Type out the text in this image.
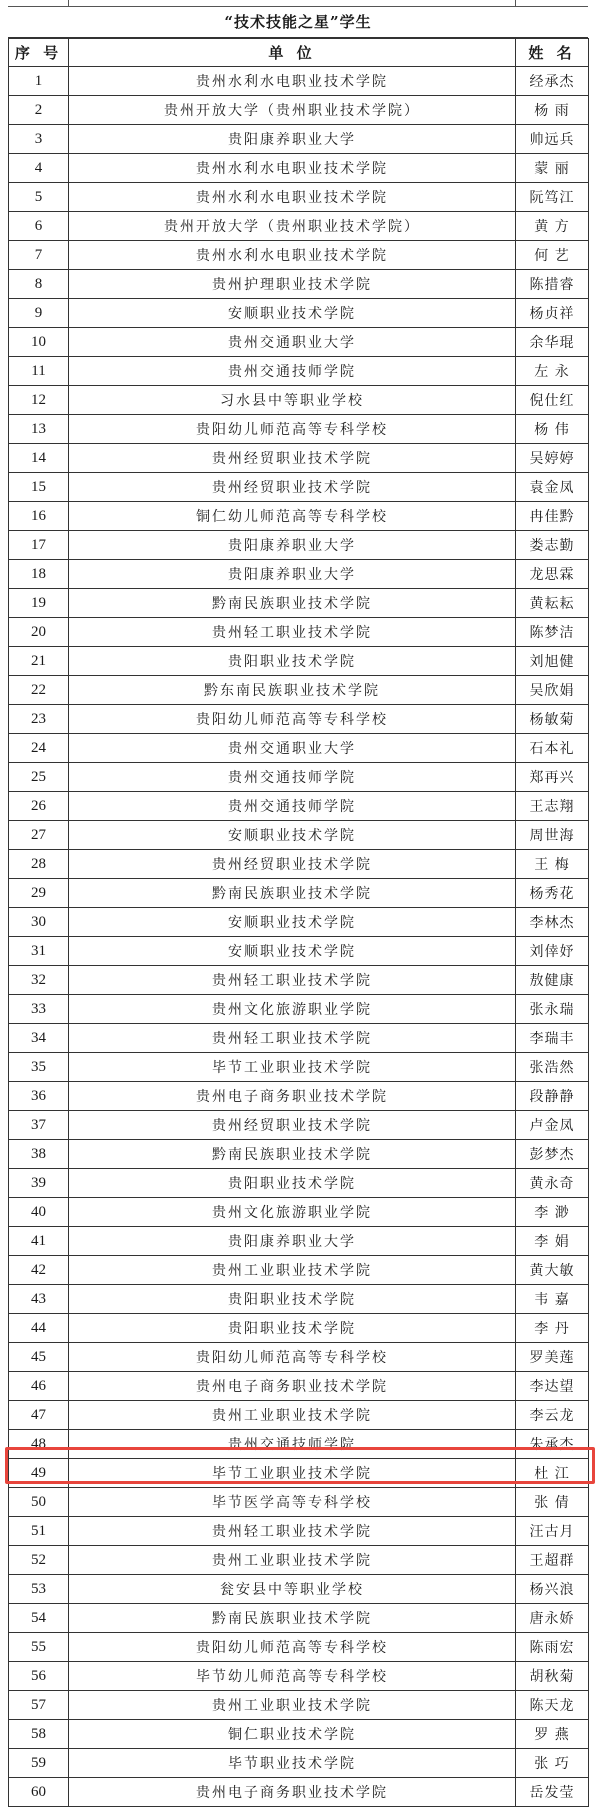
“技术技能之星”学生
序 号	单 位	姓 名
1	贵州水利水电职业技术学院	经承杰
2	贵州开放大学（贵州职业技术学院）	杨 雨
3	贵阳康养职业大学	帅远兵
4	贵州水利水电职业技术学院	蒙 丽
5	贵州水利水电职业技术学院	阮笃江
6	贵州开放大学（贵州职业技术学院）	黄 方
7	贵州水利水电职业技术学院	何 艺
8	贵州护理职业技术学院	陈措睿
9	安顺职业技术学院	杨贞祥
10	贵州交通职业大学	余华琨
11	贵州交通技师学院	左 永
12	习水县中等职业学校	倪仕红
13	贵阳幼儿师范高等专科学校	杨 伟
14	贵州经贸职业技术学院	吴婷婷
15	贵州经贸职业技术学院	袁金凤
16	铜仁幼儿师范高等专科学校	冉佳黔
17	贵阳康养职业大学	娄志勤
18	贵阳康养职业大学	龙思霖
19	黔南民族职业技术学院	黄耘耘
20	贵州轻工职业技术学院	陈梦洁
21	贵阳职业技术学院	刘旭健
22	黔东南民族职业技术学院	吴欣娟
23	贵阳幼儿师范高等专科学校	杨敏菊
24	贵州交通职业大学	石本礼
25	贵州交通技师学院	郑再兴
26	贵州交通技师学院	王志翔
27	安顺职业技术学院	周世海
28	贵州经贸职业技术学院	王 梅
29	黔南民族职业技术学院	杨秀花
30	安顺职业技术学院	李林杰
31	安顺职业技术学院	刘倖妤
32	贵州轻工职业技术学院	敖健康
33	贵州文化旅游职业学院	张永瑞
34	贵州轻工职业技术学院	李瑞丰
35	毕节工业职业技术学院	张浩然
36	贵州电子商务职业技术学院	段静静
37	贵州经贸职业技术学院	卢金凤
38	黔南民族职业技术学院	彭梦杰
39	贵阳职业技术学院	黄永奇
40	贵州文化旅游职业学院	李 渺
41	贵阳康养职业大学	李 娟
42	贵州工业职业技术学院	黄大敏
43	贵阳职业技术学院	韦 嘉
44	贵阳职业技术学院	李 丹
45	贵阳幼儿师范高等专科学校	罗美莲
46	贵州电子商务职业技术学院	李达望
47	贵州工业职业技术学院	李云龙
48	贵州交通技师学院	朱承杰
49	毕节工业职业技术学院	杜 江
50	毕节医学高等专科学校	张 倩
51	贵州轻工职业技术学院	汪古月
52	贵州工业职业技术学院	王超群
53	瓮安县中等职业学校	杨兴浪
54	黔南民族职业技术学院	唐永娇
55	贵阳幼儿师范高等专科学校	陈雨宏
56	毕节幼儿师范高等专科学校	胡秋菊
57	贵州工业职业技术学院	陈天龙
58	铜仁职业技术学院	罗 燕
59	毕节职业技术学院	张 巧
60	贵州电子商务职业技术学院	岳发莹
